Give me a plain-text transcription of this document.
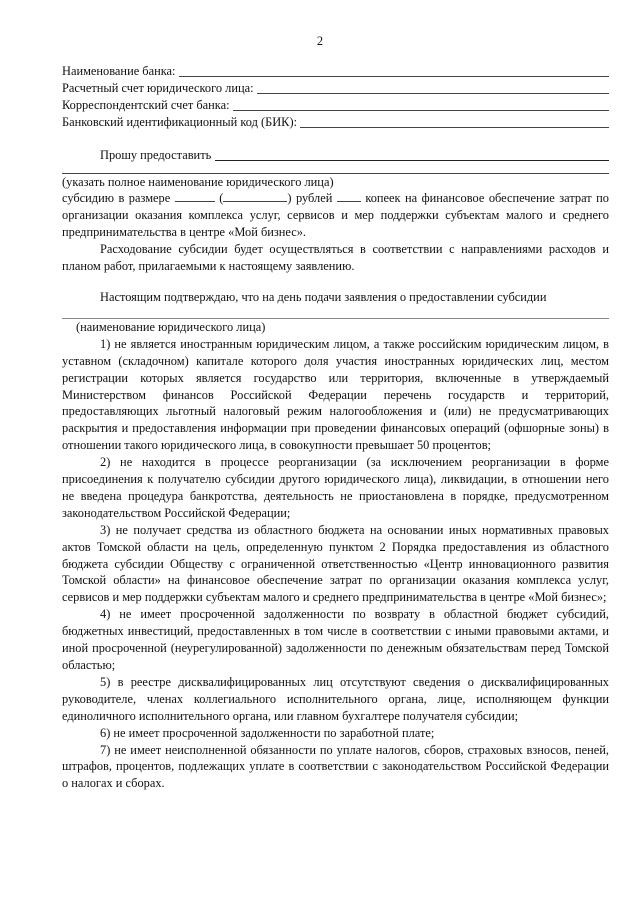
2
Наименование банка:
Расчетный счет юридического лица:
Корреспондентский счет банка:
Банковский идентификационный код (БИК):
Прошу предоставить
(указать полное наименование юридического лица)
субсидию в размере	(	) рублей	копеек на финансовое обеспечение затрат по организации оказания комплекса услуг, сервисов и мер поддержки субъектам малого и среднего предпринимательства в центре «Мой бизнес».
Расходование субсидии будет осуществляться в соответствии с направлениями расходов и планом работ, прилагаемыми к настоящему заявлению.
Настоящим подтверждаю, что на день подачи заявления о предоставлении субсидии
(наименование юридического лица)
1) не является иностранным юридическим лицом, а также российским юридическим лицом, в уставном (складочном) капитале которого доля участия иностранных юридических лиц, местом регистрации которых является государство или территория, включенные в утверждаемый Министерством финансов Российской Федерации перечень государств и территорий, предоставляющих льготный налоговый режим налогообложения и (или) не предусматривающих раскрытия и предоставления информации при проведении финансовых операций (офшорные зоны) в отношении такого юридического лица, в совокупности превышает 50 процентов;
2) не находится в процессе реорганизации (за исключением реорганизации в форме присоединения к получателю субсидии другого юридического лица), ликвидации, в отношении него не введена процедура банкротства, деятельность не приостановлена в порядке, предусмотренном законодательством Российской Федерации;
3) не получает средства из областного бюджета на основании иных нормативных правовых актов Томской области на цель, определенную пунктом 2 Порядка предоставления из областного бюджета субсидии Обществу с ограниченной ответственностью «Центр инновационного развития Томской области» на финансовое обеспечение затрат по организации оказания комплекса услуг, сервисов и мер поддержки субъектам малого и среднего предпринимательства в центре «Мой бизнес»;
4) не имеет просроченной задолженности по возврату в областной бюджет субсидий, бюджетных инвестиций, предоставленных в том числе в соответствии с иными правовыми актами, и иной просроченной (неурегулированной) задолженности по денежным обязательствам перед Томской областью;
5) в реестре дисквалифицированных лиц отсутствуют сведения о дисквалифицированных руководителе, членах коллегиального исполнительного органа, лице, исполняющем функции единоличного исполнительного органа, или главном бухгалтере получателя субсидии;
6) не имеет просроченной задолженности по заработной плате;
7) не имеет неисполненной обязанности по уплате налогов, сборов, страховых взносов, пеней, штрафов, процентов, подлежащих уплате в соответствии с законодательством Российской Федерации о налогах и сборах.
